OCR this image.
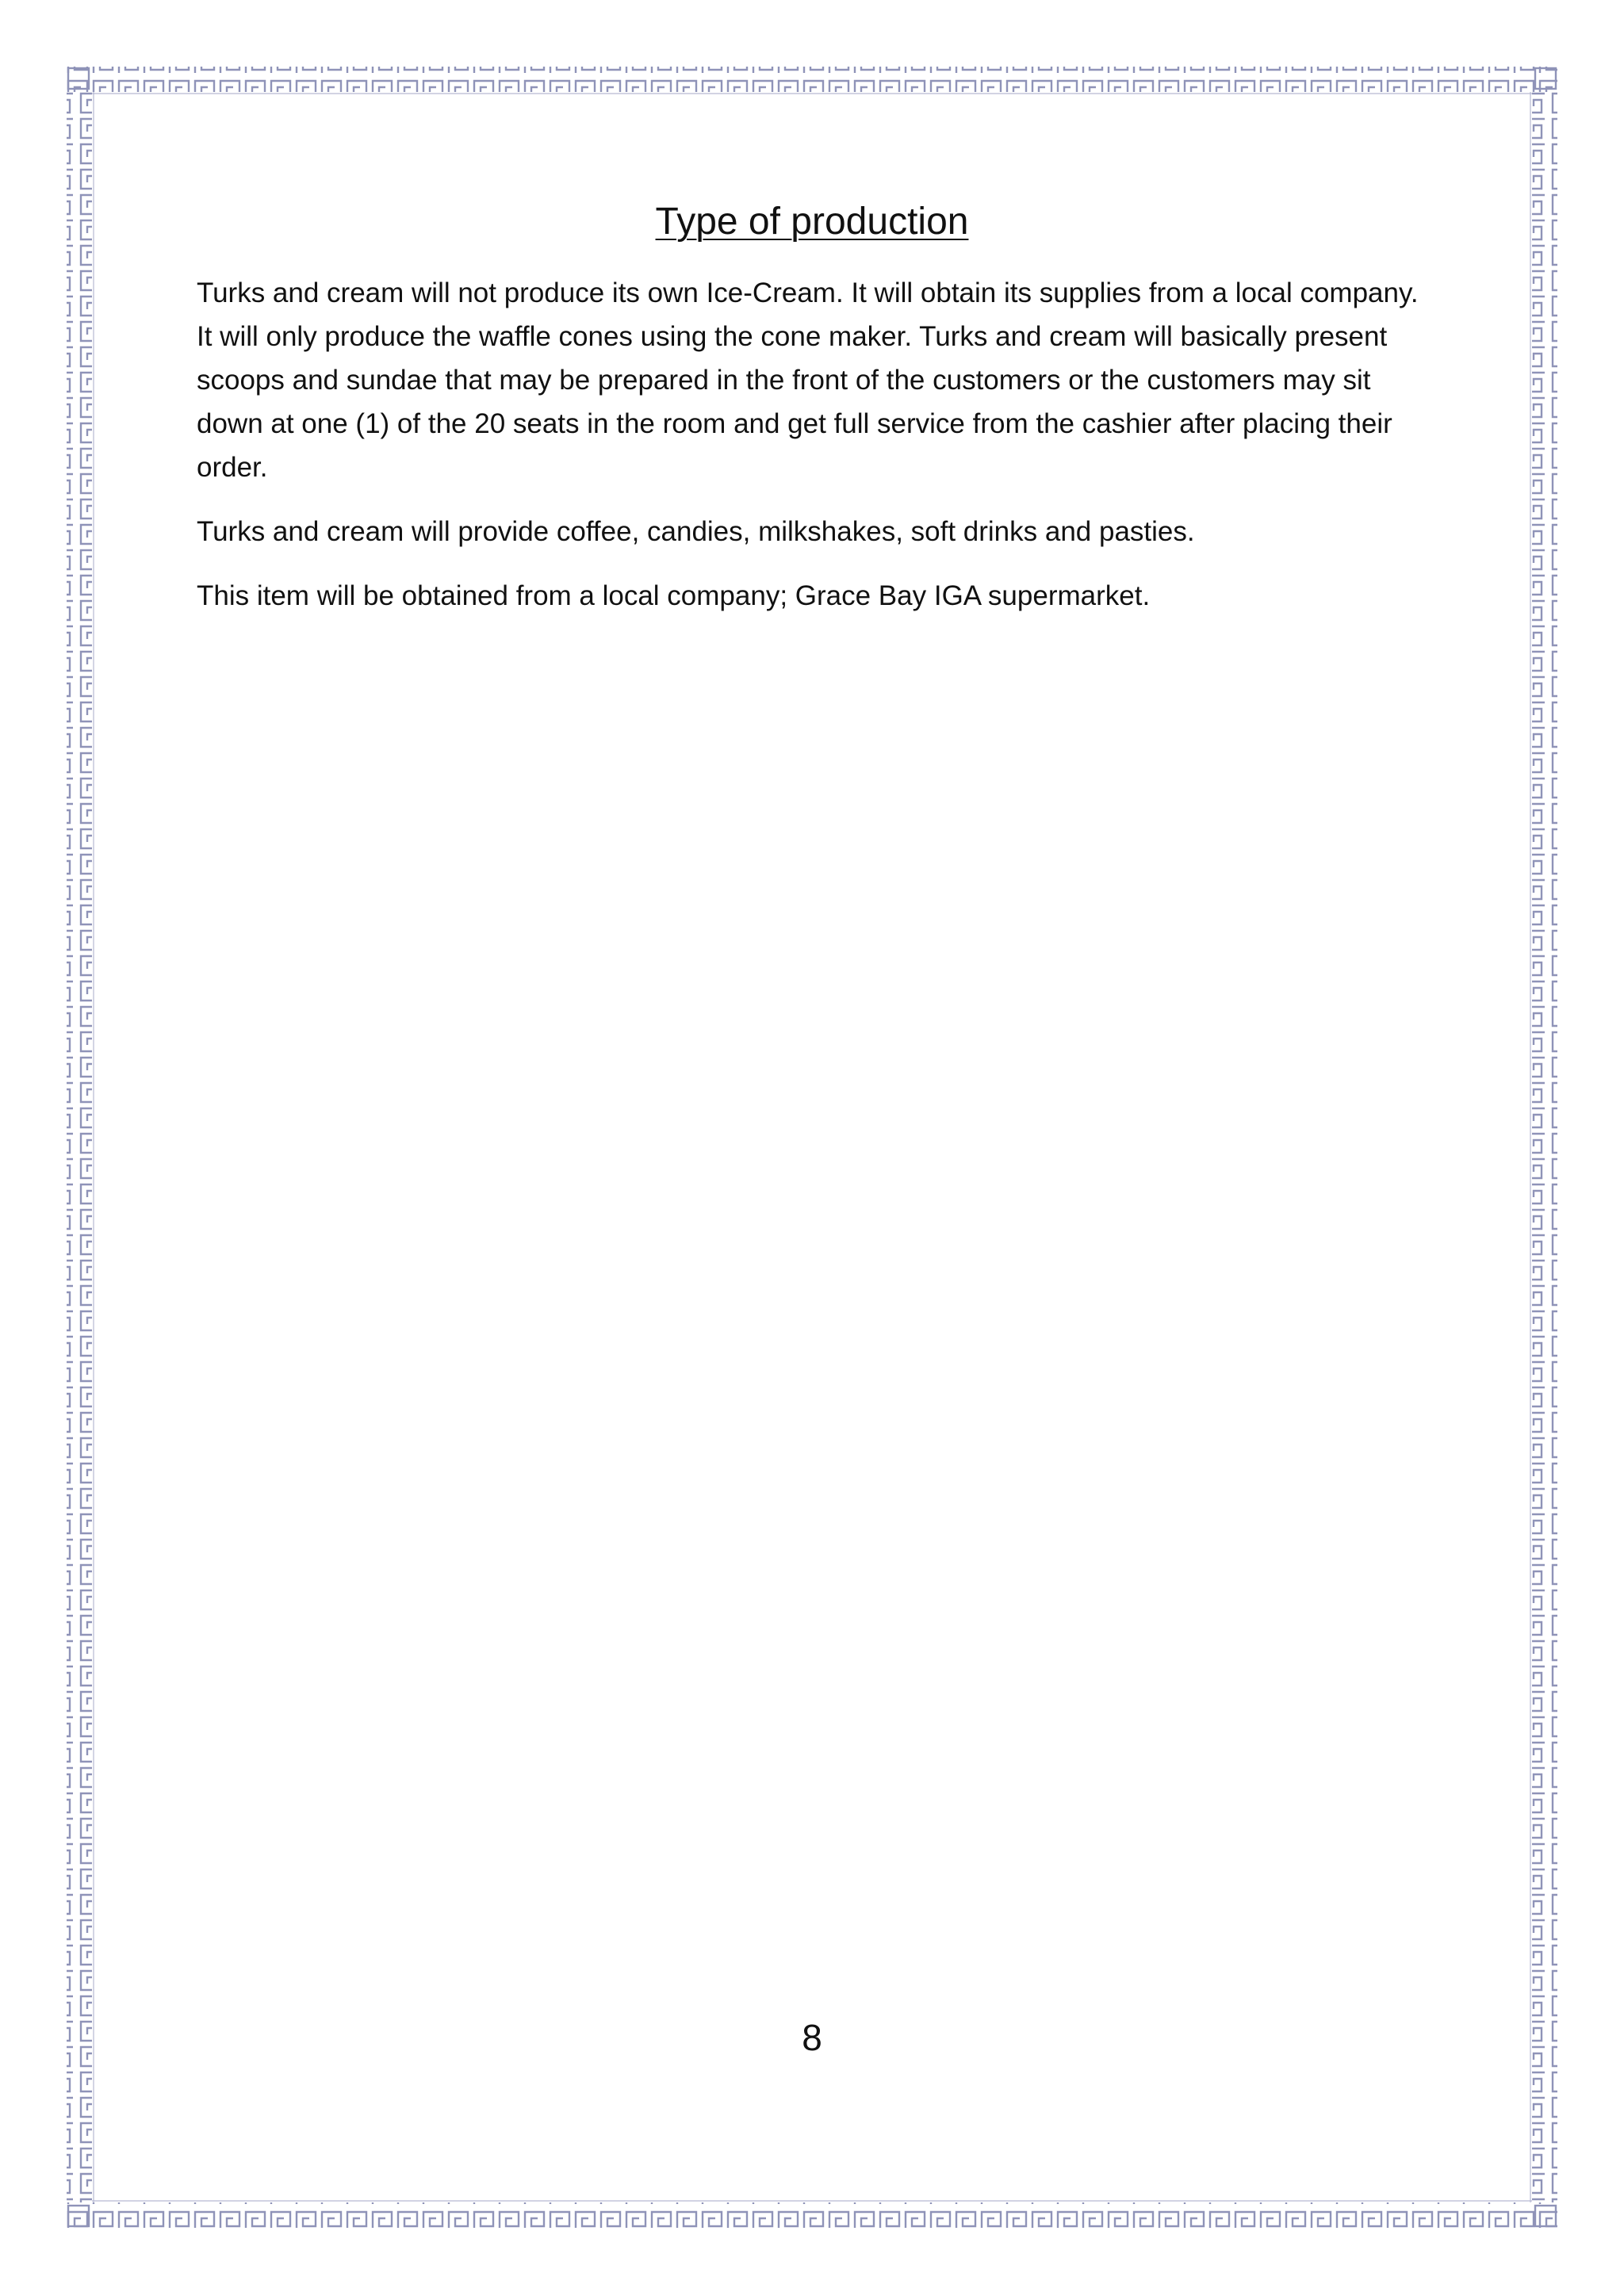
Type of production

Turks and cream will not produce its own Ice-Cream. It will obtain its supplies from a local company. It will only produce the waffle cones using the cone maker. Turks and cream will basically present scoops and sundae that may be prepared in the front of the customers or the customers may sit down at one (1) of the 20 seats in the room and get full service from the cashier after placing their order.

Turks and cream will provide coffee, candies, milkshakes, soft drinks and pasties.

This item will be obtained from a local company; Grace Bay IGA supermarket.

8
